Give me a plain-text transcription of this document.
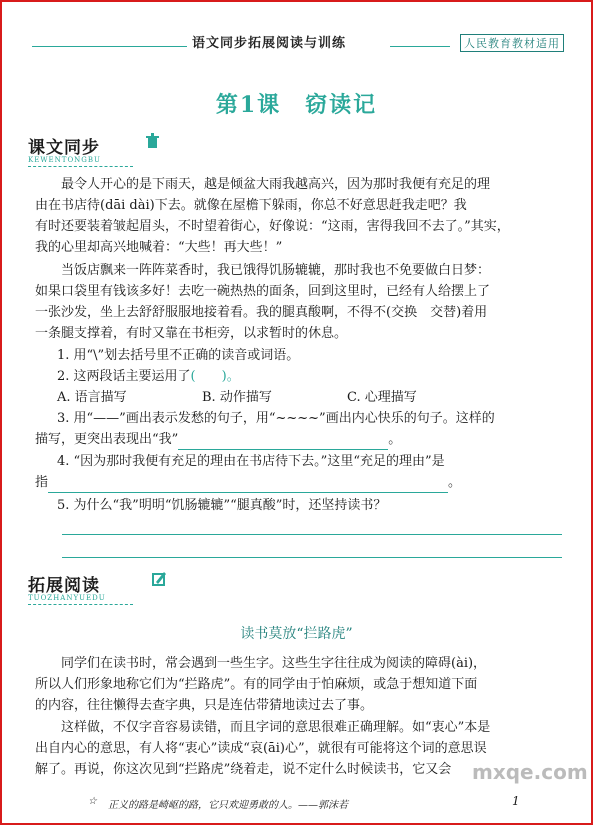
语文同步拓展阅读与训练	人民教育教材适用
第1课　窃读记
课文同步
KEWENTONGBU

最令人开心的是下雨天，越是倾盆大雨我越高兴，因为那时我便有充足的理

由在书店待(dāi dài)下去。就像在屋檐下躲雨，你总不好意思赶我走吧？我

有时还要装着皱起眉头，不时望着街心，好像说：“这雨，害得我回不去了。”其实，

我的心里却高兴地喊着：“大些！再大些！”

当饭店飘来一阵阵菜香时，我已饿得饥肠辘辘，那时我也不免要做白日梦：

如果口袋里有钱该多好！去吃一碗热热的面条，回到这里时，已经有人给摆上了

一张沙发，坐上去舒舒服服地接着看。我的腿真酸啊，不得不(交换　交替)着用

一条腿支撑着，有时又靠在书柜旁，以求暂时的休息。

1. 用“\”划去括号里不正确的读音或词语。

2. 这两段话主要运用了(　　)。

A. 语言描写	B. 动作描写	C. 心理描写

3. 用“——”画出表示发愁的句子，用“~~~~”画出内心快乐的句子。这样的

描写，更突出表现出“我”	。

4. “因为那时我便有充足的理由在书店待下去。”这里“充足的理由”是

指	。

5. 为什么“我”明明“饥肠辘辘”“腿真酸”时，还坚持读书？

拓展阅读
TUOZHANYUEDU
读书莫放“拦路虎”

同学们在读书时，常会遇到一些生字。这些生字往往成为阅读的障碍(ài)，

所以人们形象地称它们为“拦路虎”。有的同学由于怕麻烦，或急于想知道下面

的内容，往往懒得去查字典，只是连估带猜地读过去了事。

这样做，不仅字音容易读错，而且字词的意思很难正确理解。如“衷心”本是

出自内心的意思，有人将“衷心”读成“哀(āi)心”，就很有可能将这个词的意思误

解了。再说，你这次见到“拦路虎”绕着走，说不定什么时候读书，它又会	mxqe.com
☆ 正义的路是崎岖的路，它只欢迎勇敢的人。——郭沫若	1
